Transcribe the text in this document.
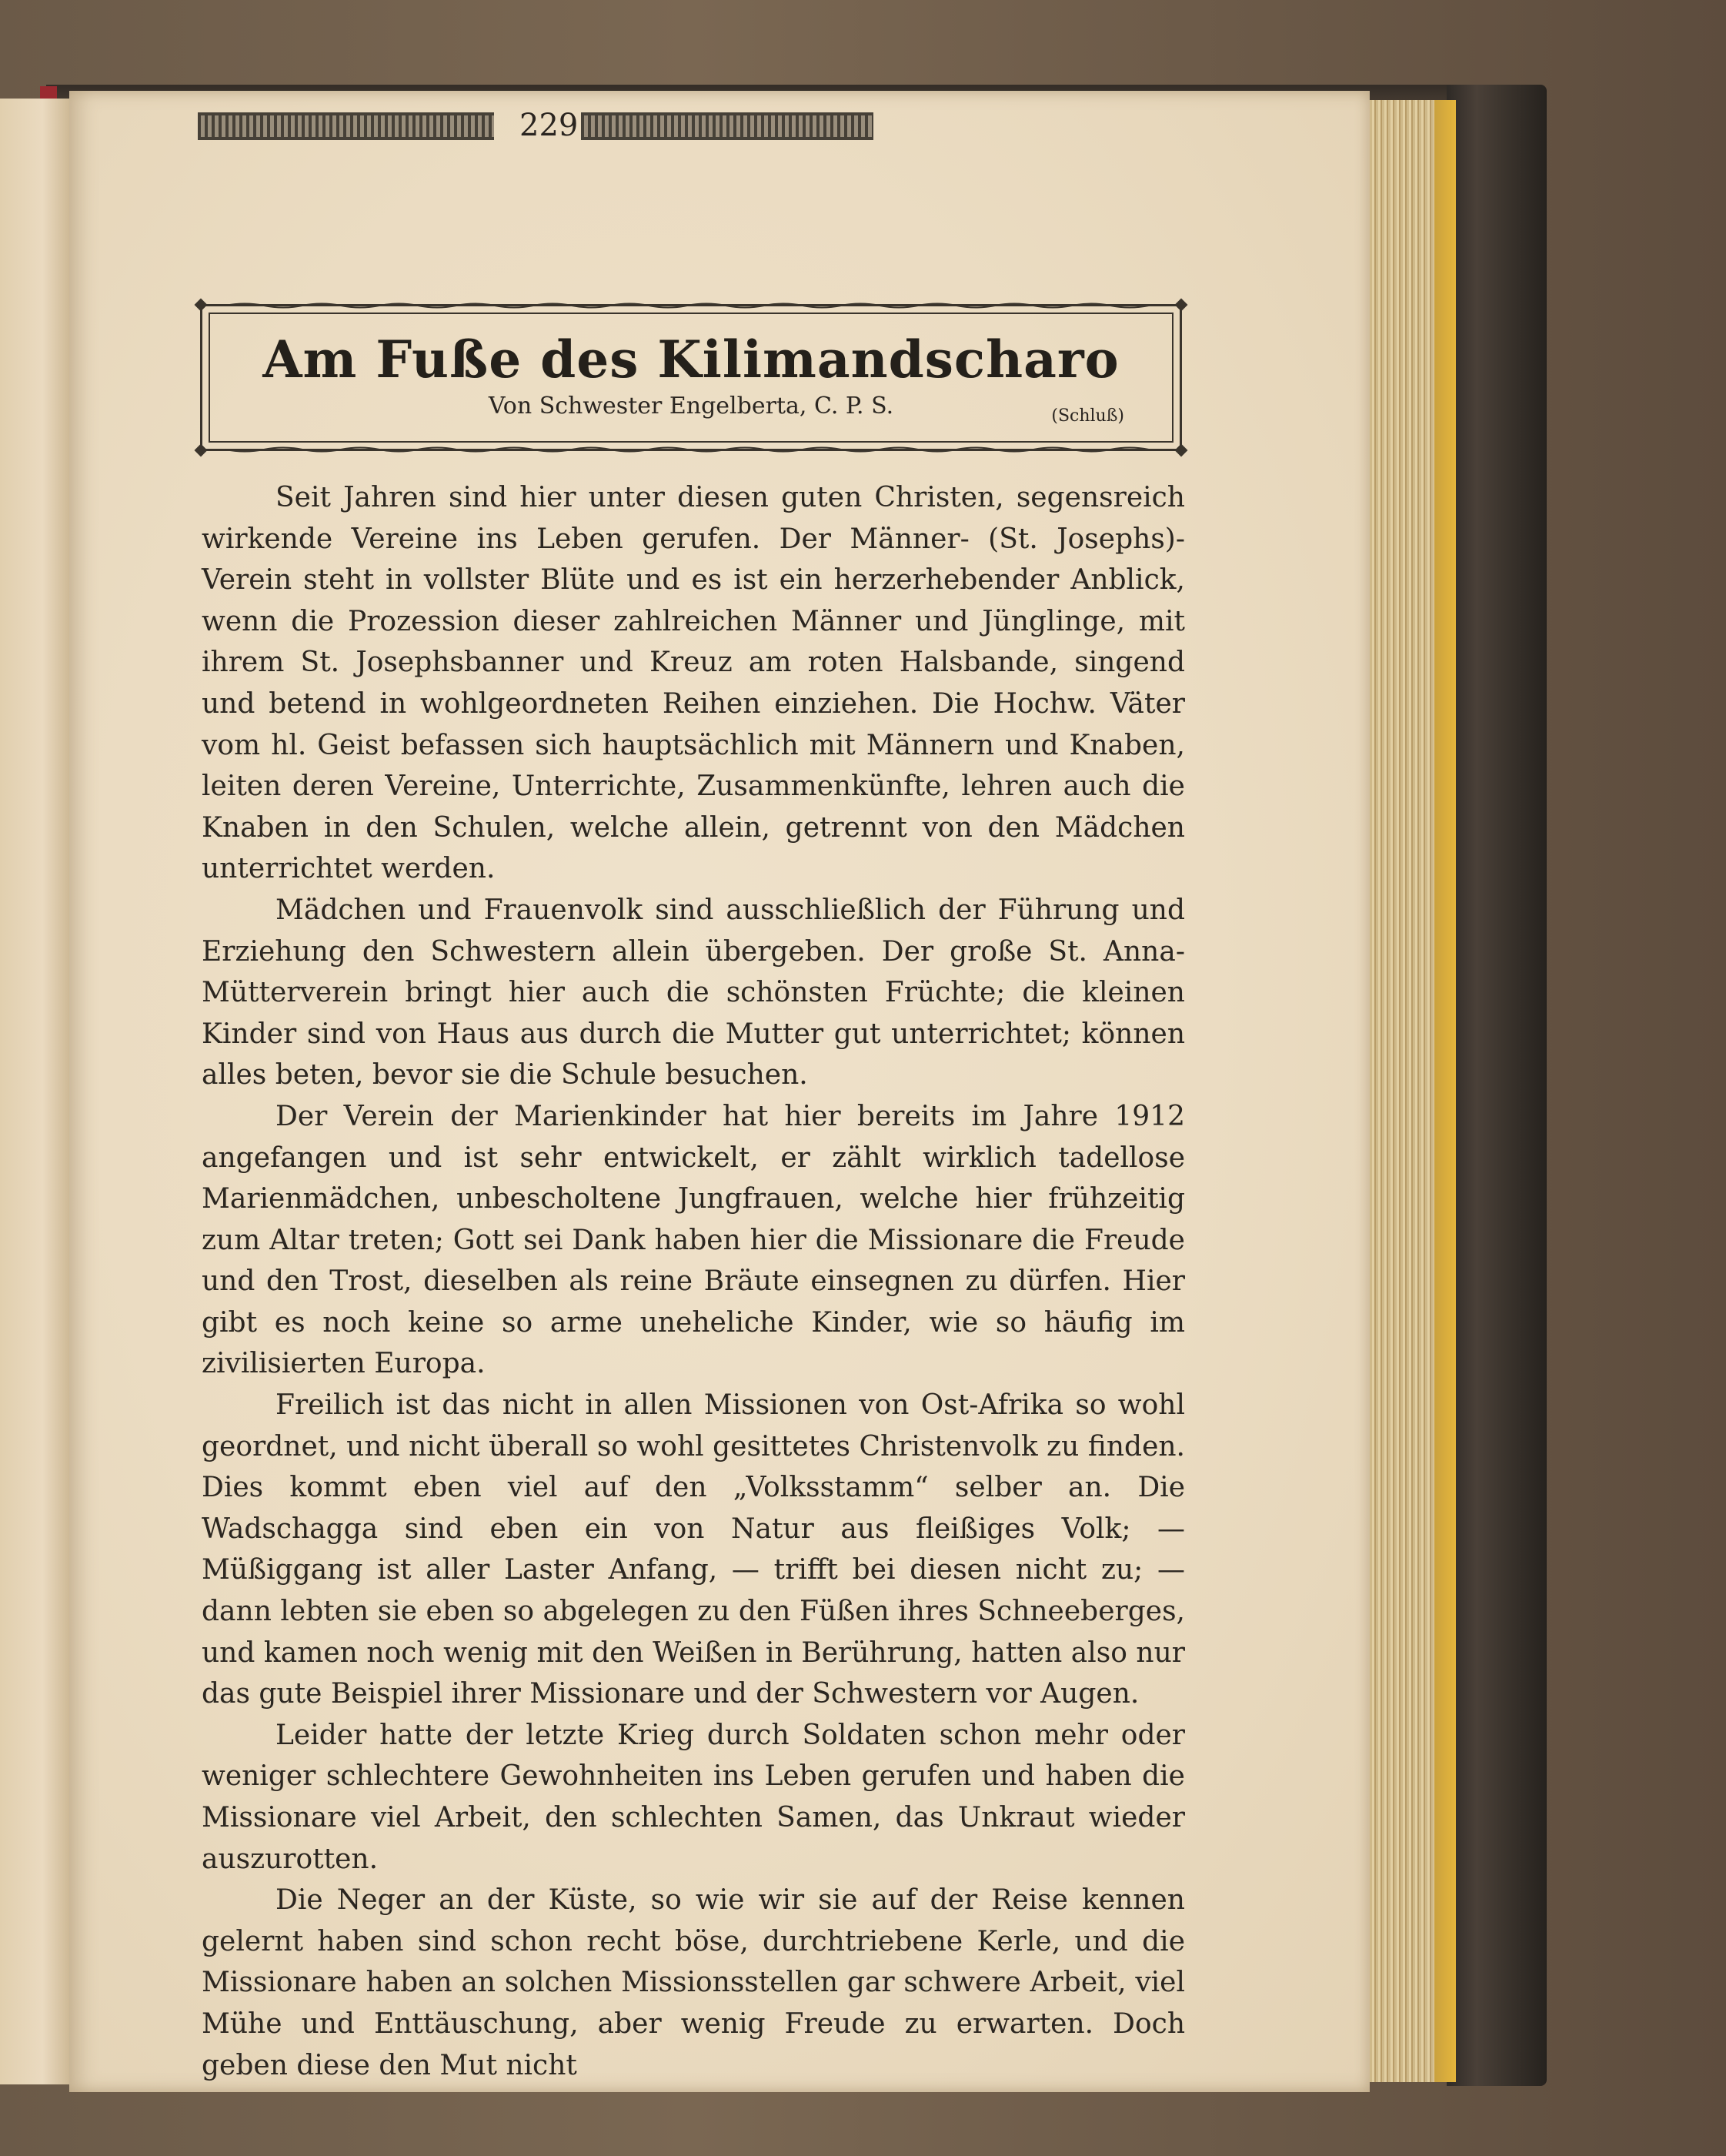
229
Am Fuße des Kilimandscharo
Von Schwester Engelberta, C. P. S.	(Schluß)

Seit Jahren sind hier unter diesen guten Christen, segensreich wirkende Vereine ins Leben gerufen. Der Männer- (St. Josephs)-Verein steht in vollster Blüte und es ist ein herzerhebender Anblick, wenn die Prozession dieser zahlreichen Männer und Jünglinge, mit ihrem St. Josephsbanner und Kreuz am roten Halsbande, singend und betend in wohlgeordneten Reihen einziehen. Die Hochw. Väter vom hl. Geist befassen sich hauptsächlich mit Männern und Knaben, leiten deren Vereine, Unterrichte, Zusammenkünfte, lehren auch die Knaben in den Schulen, welche allein, getrennt von den Mädchen unterrichtet werden.

Mädchen und Frauenvolk sind ausschließlich der Führung und Erziehung den Schwestern allein übergeben. Der große St. Anna-Mütterverein bringt hier auch die schönsten Früchte; die kleinen Kinder sind von Haus aus durch die Mutter gut unterrichtet; können alles beten, bevor sie die Schule besuchen.

Der Verein der Marienkinder hat hier bereits im Jahre 1912 angefangen und ist sehr entwickelt, er zählt wirklich tadellose Marienmädchen, unbescholtene Jungfrauen, welche hier frühzeitig zum Altar treten; Gott sei Dank haben hier die Missionare die Freude und den Trost, dieselben als reine Bräute einsegnen zu dürfen. Hier gibt es noch keine so arme uneheliche Kinder, wie so häufig im zivilisierten Europa.

Freilich ist das nicht in allen Missionen von Ost-Afrika so wohl geordnet, und nicht überall so wohl gesittetes Christenvolk zu finden. Dies kommt eben viel auf den „Volksstamm“ selber an. Die Wadschagga sind eben ein von Natur aus fleißiges Volk; — Müßiggang ist aller Laster Anfang, — trifft bei diesen nicht zu; — dann lebten sie eben so abgelegen zu den Füßen ihres Schneeberges, und kamen noch wenig mit den Weißen in Berührung, hatten also nur das gute Beispiel ihrer Missionare und der Schwestern vor Augen.

Leider hatte der letzte Krieg durch Soldaten schon mehr oder weniger schlechtere Gewohnheiten ins Leben gerufen und haben die Missionare viel Arbeit, den schlechten Samen, das Unkraut wieder auszurotten.

Die Neger an der Küste, so wie wir sie auf der Reise kennen gelernt haben sind schon recht böse, durchtriebene Kerle, und die Missionare haben an solchen Missionsstellen gar schwere Arbeit, viel Mühe und Enttäuschung, aber wenig Freude zu erwarten. Doch geben diese den Mut nicht
